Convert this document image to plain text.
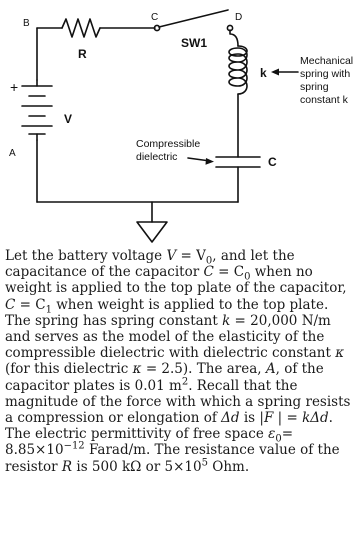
B
C	D
A
R
SW1
k
V
+
C
Mechanical
spring with
spring
constant k
Compressible
dielectric

Let the battery voltage $V = V_0$, and let the capacitance of the capacitor $C = C_0$ when no weight is applied to the top plate of the capacitor, $C = C_1$ when weight is applied to the top plate. The spring has spring constant k = 20,000 N/m and serves as the model of the elasticity of the compressible dielectric with dielectric constant κ (for this dielectric κ = 2.5). The area, A, of the capacitor plates is 0.01 $m^2$. Recall that the magnitude of the force with which a spring resists a compression or elongation of Δd is |F | = kΔd. The electric permittivity of free space $\varepsilon_0= 8.85\times 10^{-12}$ Farad/m. The resistance value of the resistor R is 500 kΩ or $5\times 10^5$ Ohm.
